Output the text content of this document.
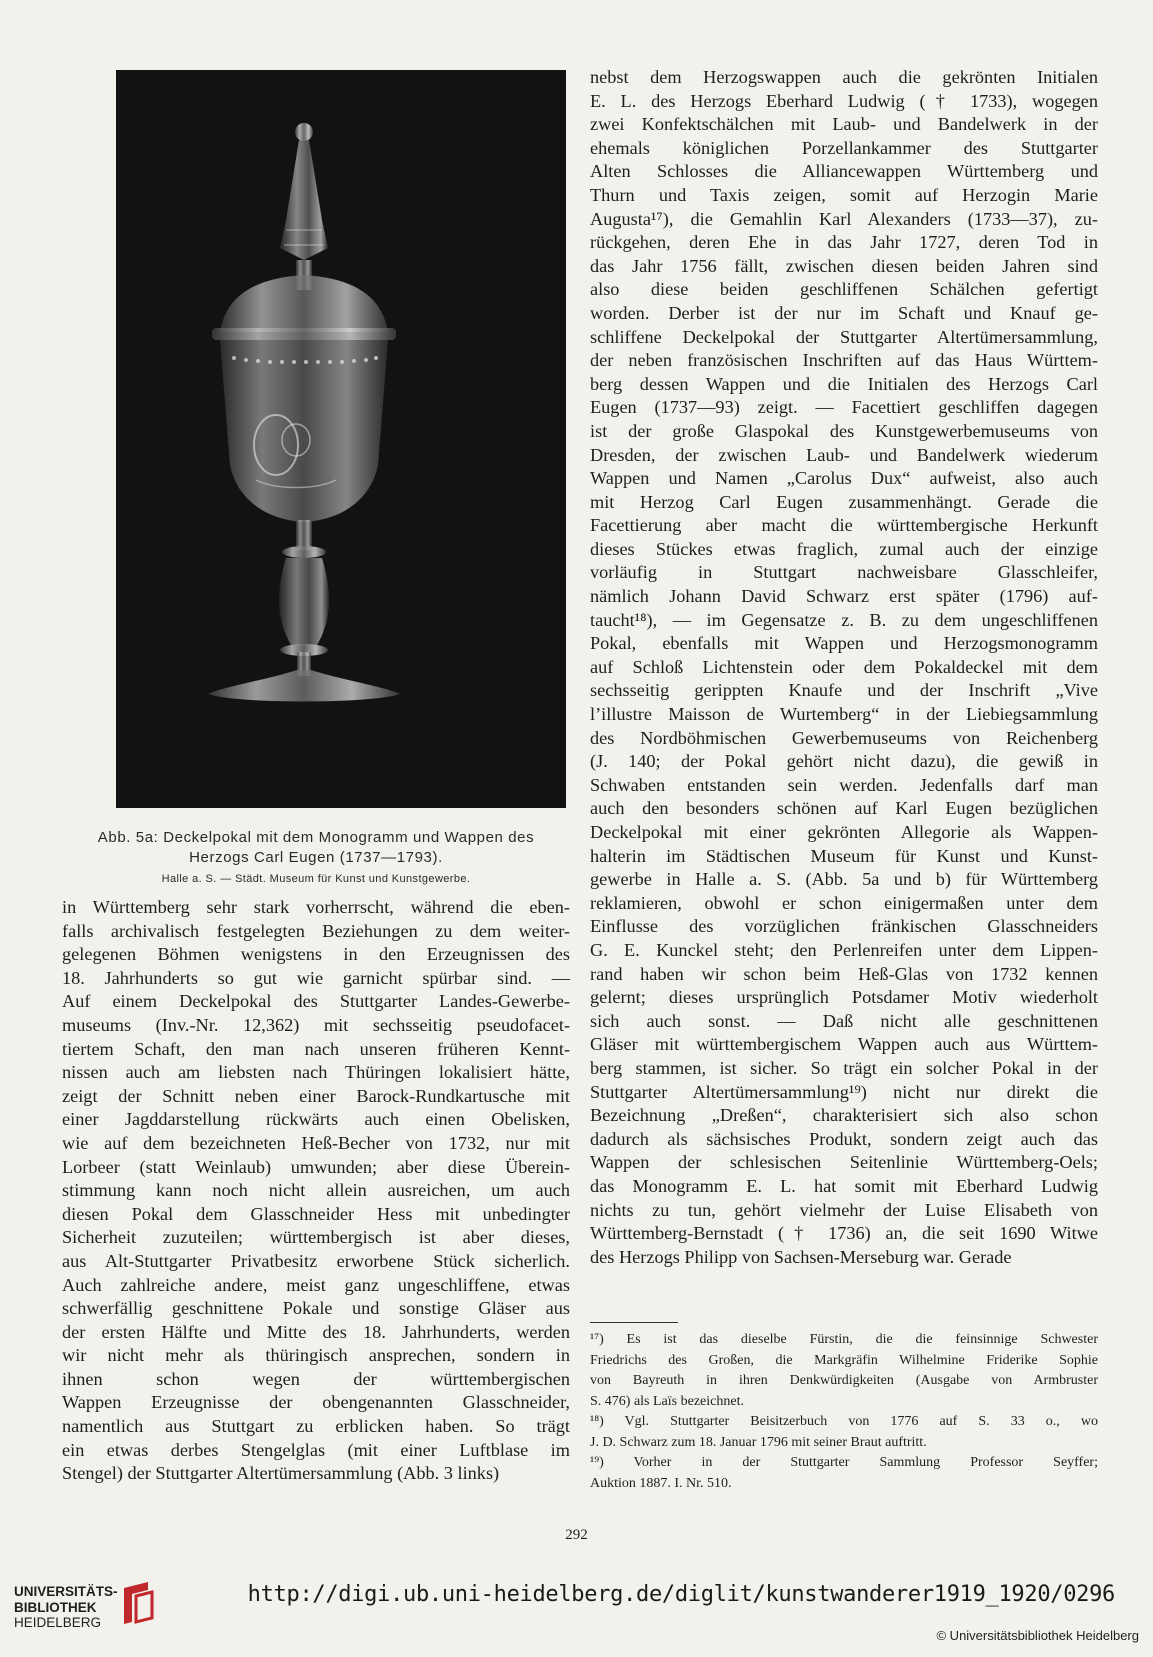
Abb. 5a: Deckelpokal mit dem Monogramm und Wappen des
Herzogs Carl Eugen (1737—1793).
Halle a. S. — Städt. Museum für Kunst und Kunstgewerbe.
in Württemberg sehr stark vorherrscht, während die eben-
falls archivalisch festgelegten Beziehungen zu dem weiter-
gelegenen Böhmen wenigstens in den Erzeugnissen des
18. Jahrhunderts so gut wie garnicht spürbar sind. —
Auf einem Deckelpokal des Stuttgarter Landes-Gewerbe-
museums (Inv.-Nr. 12,362) mit sechsseitig pseudofacet-
tiertem Schaft, den man nach unseren früheren Kennt-
nissen auch am liebsten nach Thüringen lokalisiert hätte,
zeigt der Schnitt neben einer Barock-Rundkartusche mit
einer Jagddarstellung rückwärts auch einen Obelisken,
wie auf dem bezeichneten Heß-Becher von 1732, nur mit
Lorbeer (statt Weinlaub) umwunden; aber diese Überein-
stimmung kann noch nicht allein ausreichen, um auch
diesen Pokal dem Glasschneider Hess mit unbedingter
Sicherheit zuzuteilen; württembergisch ist aber dieses,
aus Alt-Stuttgarter Privatbesitz erworbene Stück sicherlich.
Auch zahlreiche andere, meist ganz ungeschliffene, etwas
schwerfällig geschnittene Pokale und sonstige Gläser aus
der ersten Hälfte und Mitte des 18. Jahrhunderts, werden
wir nicht mehr als thüringisch ansprechen, sondern in
ihnen schon wegen der württembergischen
Wappen Erzeugnisse der obengenannten Glasschneider,
namentlich aus Stuttgart zu erblicken haben. So trägt
ein etwas derbes Stengelglas (mit einer Luftblase im
Stengel) der Stuttgarter Altertümersammlung (Abb. 3 links)
nebst dem Herzogswappen auch die gekrönten Initialen
E. L. des Herzogs Eberhard Ludwig († 1733), wogegen
zwei Konfektschälchen mit Laub- und Bandelwerk in der
ehemals königlichen Porzellankammer des Stuttgarter
Alten Schlosses die Alliancewappen Württemberg und
Thurn und Taxis zeigen, somit auf Herzogin Marie
Augusta¹⁷), die Gemahlin Karl Alexanders (1733—37), zu-
rückgehen, deren Ehe in das Jahr 1727, deren Tod in
das Jahr 1756 fällt, zwischen diesen beiden Jahren sind
also diese beiden geschliffenen Schälchen gefertigt
worden. Derber ist der nur im Schaft und Knauf ge-
schliffene Deckelpokal der Stuttgarter Altertümersammlung,
der neben französischen Inschriften auf das Haus Württem-
berg dessen Wappen und die Initialen des Herzogs Carl
Eugen (1737—93) zeigt. — Facettiert geschliffen dagegen
ist der große Glaspokal des Kunstgewerbemuseums von
Dresden, der zwischen Laub- und Bandelwerk wiederum
Wappen und Namen „Carolus Dux“ aufweist, also auch
mit Herzog Carl Eugen zusammenhängt. Gerade die
Facettierung aber macht die württembergische Herkunft
dieses Stückes etwas fraglich, zumal auch der einzige
vorläufig in Stuttgart nachweisbare Glasschleifer,
nämlich Johann David Schwarz erst später (1796) auf-
taucht¹⁸), — im Gegensatze z. B. zu dem ungeschliffenen
Pokal, ebenfalls mit Wappen und Herzogsmonogramm
auf Schloß Lichtenstein oder dem Pokaldeckel mit dem
sechsseitig gerippten Knaufe und der Inschrift „Vive
l’illustre Maisson de Wurtemberg“ in der Liebiegsammlung
des Nordböhmischen Gewerbemuseums von Reichenberg
(J. 140; der Pokal gehört nicht dazu), die gewiß in
Schwaben entstanden sein werden. Jedenfalls darf man
auch den besonders schönen auf Karl Eugen bezüglichen
Deckelpokal mit einer gekrönten Allegorie als Wappen-
halterin im Städtischen Museum für Kunst und Kunst-
gewerbe in Halle a. S. (Abb. 5a und b) für Württemberg
reklamieren, obwohl er schon einigermaßen unter dem
Einflusse des vorzüglichen fränkischen Glasschneiders
G. E. Kunckel steht; den Perlenreifen unter dem Lippen-
rand haben wir schon beim Heß-Glas von 1732 kennen
gelernt; dieses ursprünglich Potsdamer Motiv wiederholt
sich auch sonst. — Daß nicht alle geschnittenen
Gläser mit württembergischem Wappen auch aus Württem-
berg stammen, ist sicher. So trägt ein solcher Pokal in der
Stuttgarter Altertümersammlung¹⁹) nicht nur direkt die
Bezeichnung „Dreßen“, charakterisiert sich also schon
dadurch als sächsisches Produkt, sondern zeigt auch das
Wappen der schlesischen Seitenlinie Württemberg-Oels;
das Monogramm E. L. hat somit mit Eberhard Ludwig
nichts zu tun, gehört vielmehr der Luise Elisabeth von
Württemberg-Bernstadt († 1736) an, die seit 1690 Witwe
des Herzogs Philipp von Sachsen-Merseburg war. Gerade
¹⁷) Es ist das dieselbe Fürstin, die die feinsinnige Schwester
Friedrichs des Großen, die Markgräfin Wilhelmine Friderike Sophie
von Bayreuth in ihren Denkwürdigkeiten (Ausgabe von Armbruster
S. 476) als Laïs bezeichnet.
¹⁸) Vgl. Stuttgarter Beisitzerbuch von 1776 auf S. 33 o., wo
J. D. Schwarz zum 18. Januar 1796 mit seiner Braut auftritt.
¹⁹) Vorher in der Stuttgarter Sammlung Professor Seyffer;
Auktion 1887. I. Nr. 510.
292
UNIVERSITÄTS-
BIBLIOTHEK
HEIDELBERG
http://digi.ub.uni-heidelberg.de/diglit/kunstwanderer1919_1920/0296
© Universitätsbibliothek Heidelberg
